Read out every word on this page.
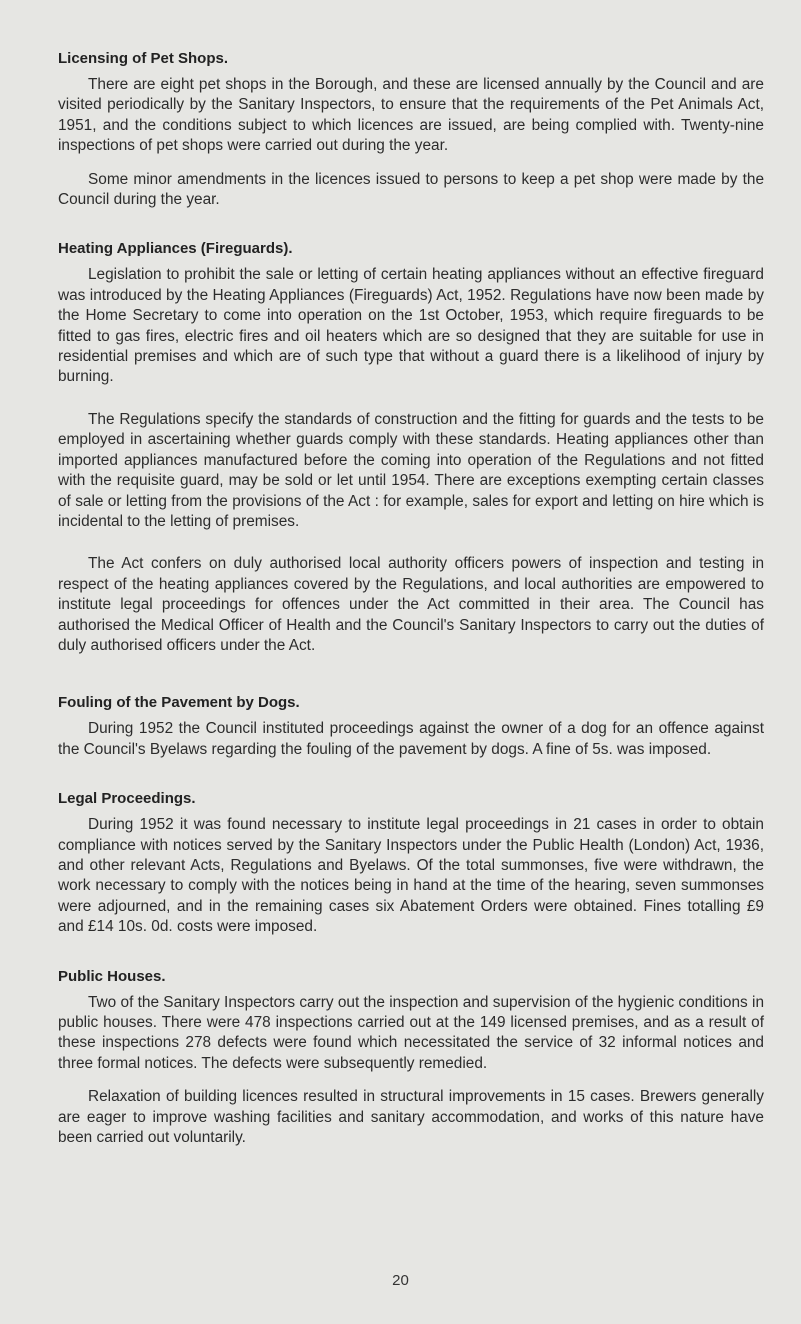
Licensing of Pet Shops.

There are eight pet shops in the Borough, and these are licensed annually by the Council and are visited periodically by the Sanitary Inspectors, to ensure that the requirements of the Pet Animals Act, 1951, and the conditions subject to which licences are issued, are being complied with. Twenty-nine inspections of pet shops were carried out during the year.

Some minor amendments in the licences issued to persons to keep a pet shop were made by the Council during the year.

Heating Appliances (Fireguards).

Legislation to prohibit the sale or letting of certain heating appliances without an effective fireguard was introduced by the Heating Appliances (Fireguards) Act, 1952. Regulations have now been made by the Home Secretary to come into operation on the 1st October, 1953, which require fireguards to be fitted to gas fires, electric fires and oil heaters which are so designed that they are suitable for use in residential premises and which are of such type that without a guard there is a likelihood of injury by burning.

The Regulations specify the standards of construction and the fitting for guards and the tests to be employed in ascertaining whether guards comply with these standards. Heating appliances other than imported appliances manufactured before the coming into operation of the Regulations and not fitted with the requisite guard, may be sold or let until 1954. There are exceptions exempting certain classes of sale or letting from the provisions of the Act : for example, sales for export and letting on hire which is incidental to the letting of premises.

The Act confers on duly authorised local authority officers powers of inspection and testing in respect of the heating appliances covered by the Regulations, and local authorities are empowered to institute legal proceedings for offences under the Act committed in their area. The Council has authorised the Medical Officer of Health and the Council's Sanitary Inspectors to carry out the duties of duly authorised officers under the Act.

Fouling of the Pavement by Dogs.

During 1952 the Council instituted proceedings against the owner of a dog for an offence against the Council's Byelaws regarding the fouling of the pavement by dogs. A fine of 5s. was imposed.

Legal Proceedings.

During 1952 it was found necessary to institute legal proceedings in 21 cases in order to obtain compliance with notices served by the Sanitary Inspectors under the Public Health (London) Act, 1936, and other relevant Acts, Regulations and Byelaws. Of the total summonses, five were withdrawn, the work necessary to comply with the notices being in hand at the time of the hearing, seven summonses were adjourned, and in the remaining cases six Abatement Orders were obtained. Fines totalling £9 and £14 10s. 0d. costs were imposed.

Public Houses.

Two of the Sanitary Inspectors carry out the inspection and supervision of the hygienic conditions in public houses. There were 478 inspections carried out at the 149 licensed premises, and as a result of these inspections 278 defects were found which necessitated the service of 32 informal notices and three formal notices. The defects were subsequently remedied.

Relaxation of building licences resulted in structural improvements in 15 cases. Brewers generally are eager to improve washing facilities and sanitary accommodation, and works of this nature have been carried out voluntarily.

20
